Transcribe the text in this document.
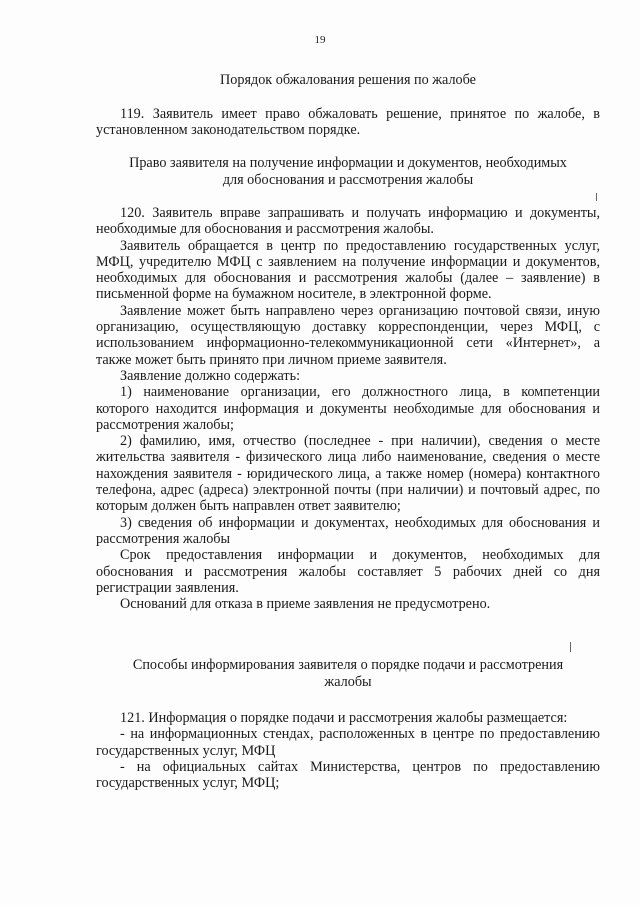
19
Порядок обжалования решения по жалобе

119. Заявитель имеет право обжаловать решение, принятое по жалобе, в установленном законодательством порядке.

Право заявителя на получение информации и документов, необходимых
для обоснования и рассмотрения жалобы

120. Заявитель вправе запрашивать и получать информацию и документы, необходимые для обоснования и рассмотрения жалобы.

Заявитель обращается в центр по предоставлению государственных услуг, МФЦ, учредителю МФЦ с заявлением на получение информации и документов, необходимых для обоснования и рассмотрения жалобы (далее – заявление) в письменной форме на бумажном носителе, в электронной форме.

Заявление может быть направлено через организацию почтовой связи, иную организацию, осуществляющую доставку корреспонденции, через МФЦ, с использованием информационно-телекоммуникационной сети «Интернет», а также может быть принято при личном приеме заявителя.

Заявление должно содержать:

1) наименование организации, его должностного лица, в компетенции которого находится информация и документы необходимые для обоснования и рассмотрения жалобы;

2) фамилию, имя, отчество (последнее - при наличии), сведения о месте жительства заявителя - физического лица либо наименование, сведения о месте нахождения заявителя - юридического лица, а также номер (номера) контактного телефона, адрес (адреса) электронной почты (при наличии) и почтовый адрес, по которым должен быть направлен ответ заявителю;

3) сведения об информации и документах, необходимых для обоснования и рассмотрения жалобы

Срок предоставления информации и документов, необходимых для обоснования и рассмотрения жалобы составляет 5 рабочих дней со дня регистрации заявления.

Оснований для отказа в приеме заявления не предусмотрено.

Способы информирования заявителя о порядке подачи и рассмотрения
жалобы

121. Информация о порядке подачи и рассмотрения жалобы размещается:

- на информационных стендах, расположенных в центре по предоставлению государственных услуг, МФЦ

- на официальных сайтах Министерства, центров по предоставлению государственных услуг, МФЦ;
